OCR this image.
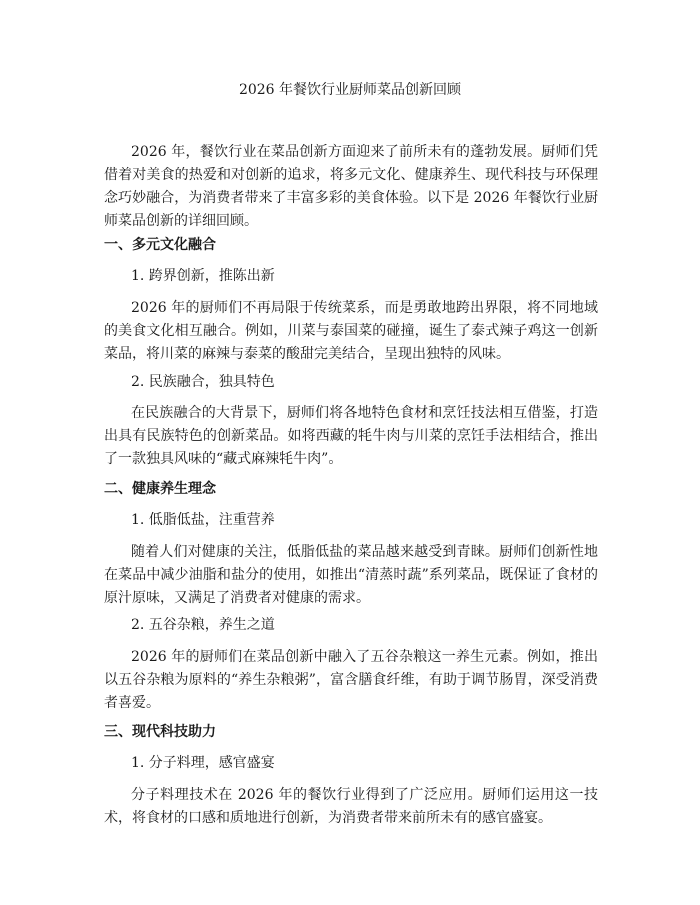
2026 年餐饮行业厨师菜品创新回顾
2026 年，餐饮行业在菜品创新方面迎来了前所未有的蓬勃发展。厨师们凭借着对美食的热爱和对创新的追求，将多元文化、健康养生、现代科技与环保理念巧妙融合，为消费者带来了丰富多彩的美食体验。以下是 2026 年餐饮行业厨师菜品创新的详细回顾。
一、多元文化融合
1. 跨界创新，推陈出新
2026 年的厨师们不再局限于传统菜系，而是勇敢地跨出界限，将不同地域的美食文化相互融合。例如，川菜与泰国菜的碰撞，诞生了泰式辣子鸡这一创新菜品，将川菜的麻辣与泰菜的酸甜完美结合，呈现出独特的风味。
2. 民族融合，独具特色
在民族融合的大背景下，厨师们将各地特色食材和烹饪技法相互借鉴，打造出具有民族特色的创新菜品。如将西藏的牦牛肉与川菜的烹饪手法相结合，推出了一款独具风味的“藏式麻辣牦牛肉”。
二、健康养生理念
1. 低脂低盐，注重营养
随着人们对健康的关注，低脂低盐的菜品越来越受到青睐。厨师们创新性地在菜品中减少油脂和盐分的使用，如推出“清蒸时蔬”系列菜品，既保证了食材的原汁原味，又满足了消费者对健康的需求。
2. 五谷杂粮，养生之道
2026 年的厨师们在菜品创新中融入了五谷杂粮这一养生元素。例如，推出以五谷杂粮为原料的“养生杂粮粥”，富含膳食纤维，有助于调节肠胃，深受消费者喜爱。
三、现代科技助力
1. 分子料理，感官盛宴
分子料理技术在 2026 年的餐饮行业得到了广泛应用。厨师们运用这一技术，将食材的口感和质地进行创新，为消费者带来前所未有的感官盛宴。
